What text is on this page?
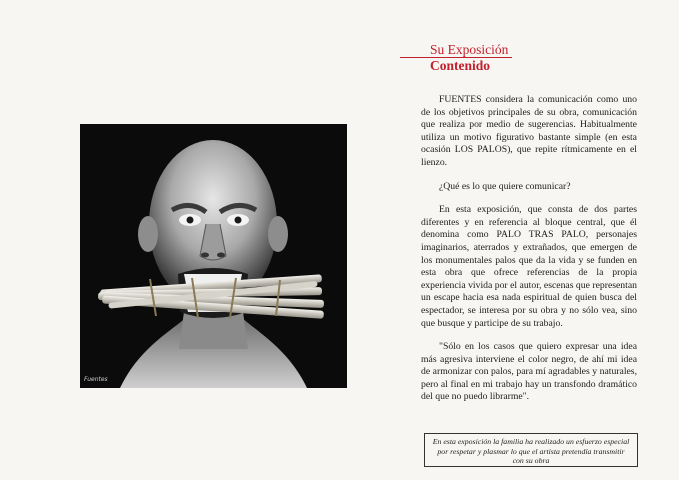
Fuentes
Su Exposición
Contenido

FUENTES considera la comunicación como uno de los objetivos principales de su obra, comunicación que realiza por medio de sugerencias. Habitualmente utiliza un motivo figurativo bastante simple (en esta ocasión LOS PALOS), que repite rítmicamente en el lienzo.

¿Qué es lo que quiere comunicar?

En esta exposición, que consta de dos partes diferentes y en referencia al bloque central, que él denomina como PALO TRAS PALO, personajes imaginarios, aterrados y extrañados, que emergen de los monumentales palos que da la vida y se funden en esta obra que ofrece referencias de la propia experiencia vivida por el autor, escenas que representan un escape hacia esa nada espiritual de quien busca del espectador, se interesa por su obra y no sólo vea, sino que busque y participe de su trabajo.

"Sólo en los casos que quiero expresar una idea más agresiva interviene el color negro, de ahí mi idea de armonizar con palos, para mí agradables y naturales, pero al final en mi trabajo hay un transfondo dramático del que no puedo librarme".

En esta exposición la familia ha realizado un esfuerzo especial por respetar y plasmar lo que el artista pretendía transmitir con su obra
